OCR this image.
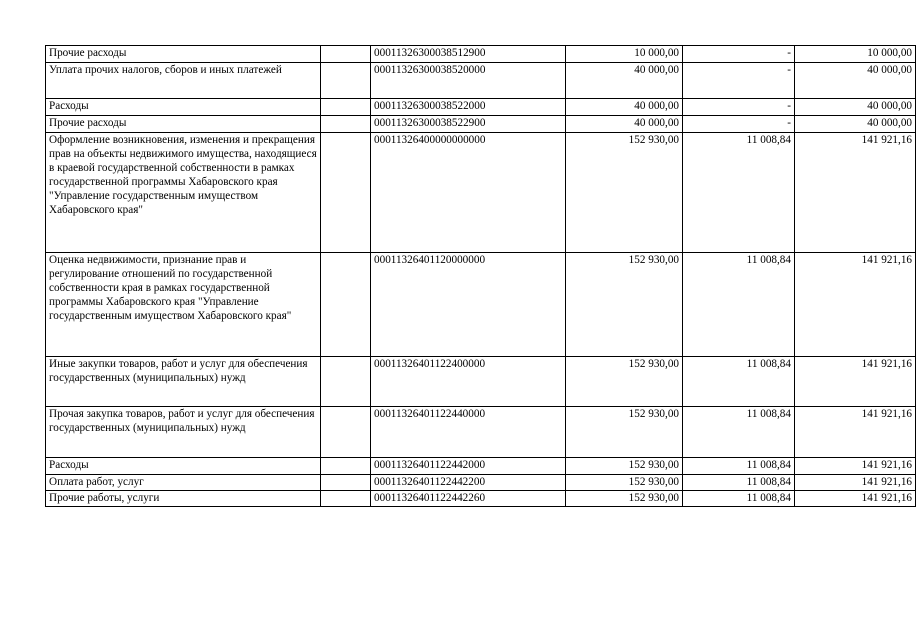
Прочие расходы		00011326300038512900	10 000,00	-	10 000,00
Уплата прочих налогов, сборов и иных платежей		00011326300038520000	40 000,00	-	40 000,00
Расходы		00011326300038522000	40 000,00	-	40 000,00
Прочие расходы		00011326300038522900	40 000,00	-	40 000,00
Оформление возникновения, изменения и прекращения прав на объекты недвижимого имущества, находящиеся в краевой государственной собственности в рамках государственной программы Хабаровского края "Управление государственным имуществом Хабаровского края"		00011326400000000000	152 930,00	11 008,84	141 921,16
Оценка недвижимости, признание прав и регулирование отношений по государственной собственности края в рамках государственной программы Хабаровского края "Управление государственным имуществом Хабаровского края"		00011326401120000000	152 930,00	11 008,84	141 921,16
Иные закупки товаров, работ и услуг для обеспечения государственных (муниципальных) нужд		00011326401122400000	152 930,00	11 008,84	141 921,16
Прочая закупка товаров, работ и услуг для обеспечения государственных (муниципальных) нужд		00011326401122440000	152 930,00	11 008,84	141 921,16
Расходы		00011326401122442000	152 930,00	11 008,84	141 921,16
Оплата работ, услуг		00011326401122442200	152 930,00	11 008,84	141 921,16
Прочие работы, услуги		00011326401122442260	152 930,00	11 008,84	141 921,16
